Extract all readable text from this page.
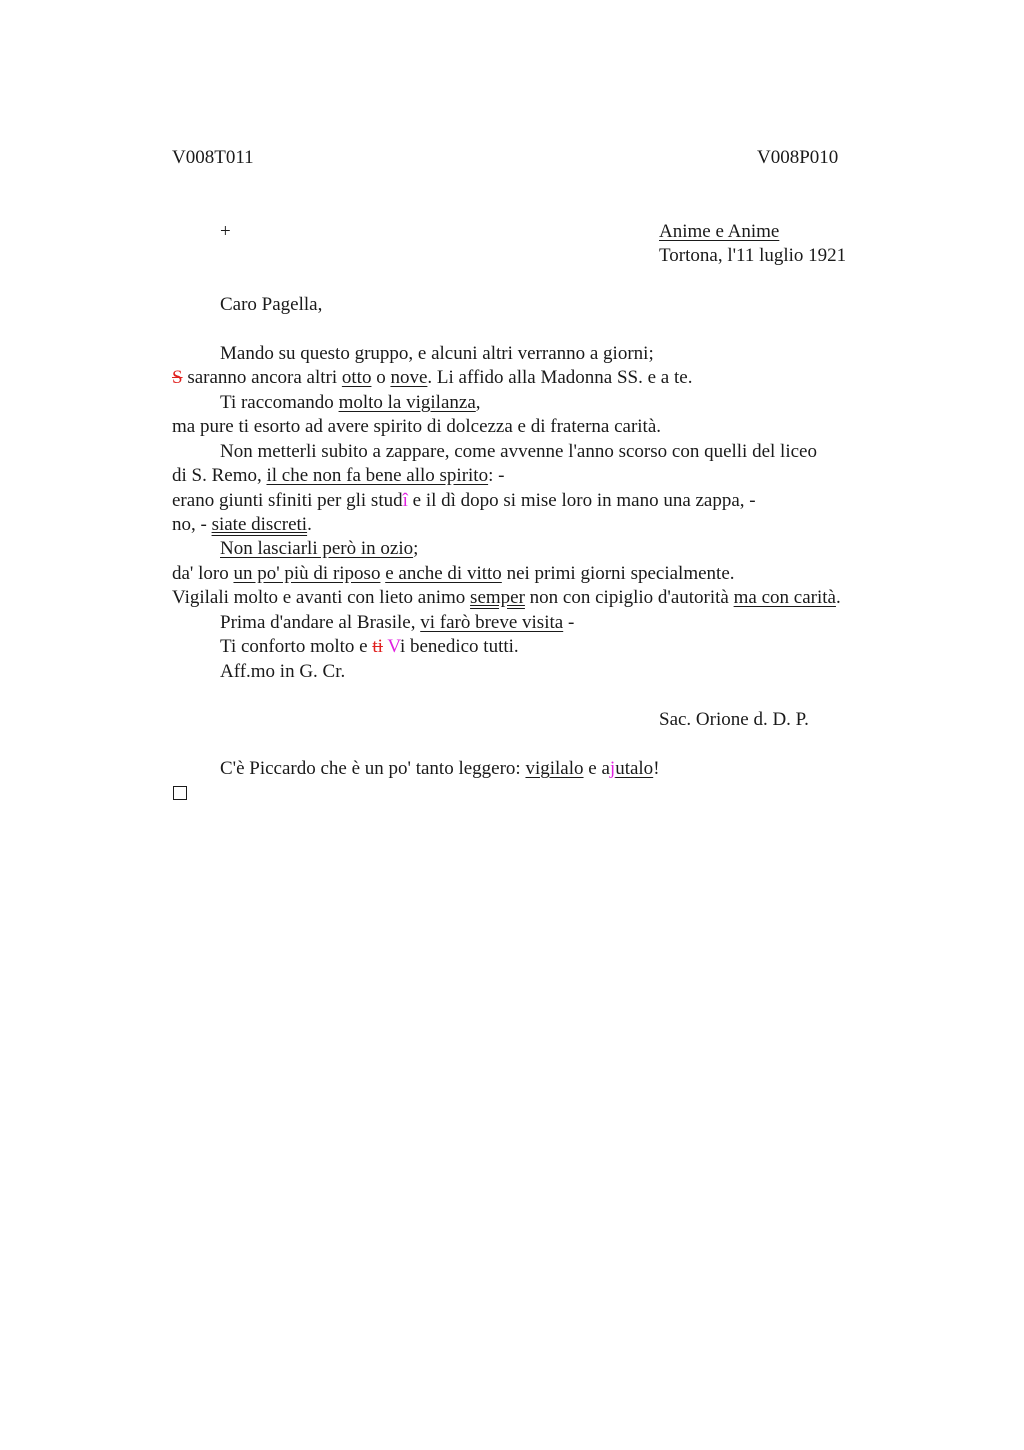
V008T011	V008P010
+	Anime e Anime
Tortona, l'11 luglio 1921
Caro Pagella,
Mando su questo gruppo, e alcuni altri verranno a giorni;
S saranno ancora altri otto o nove. Li affido alla Madonna SS. e a te.
Ti raccomando molto la vigilanza,
ma pure ti esorto ad avere spirito di dolcezza e di fraterna carità.
Non metterli subito a zappare, come avvenne l'anno scorso con quelli del liceo
di S. Remo, il che non fa bene allo spirito: -
erano giunti sfiniti per gli studî e il dì dopo si mise loro in mano una zappa, -
no, - siate discreti.
Non lasciarli però in ozio;
da' loro un po' più di riposo e anche di vitto nei primi giorni specialmente.
Vigilali molto e avanti con lieto animo semper non con cipiglio d'autorità ma con carità.
Prima d'andare al Brasile, vi farò breve visita -
Ti conforto molto e ti Vi benedico tutti.
Aff.mo in G. Cr.
Sac. Orione d. D. P.
C'è Piccardo che è un po' tanto leggero: vigilalo e ajutalo!
